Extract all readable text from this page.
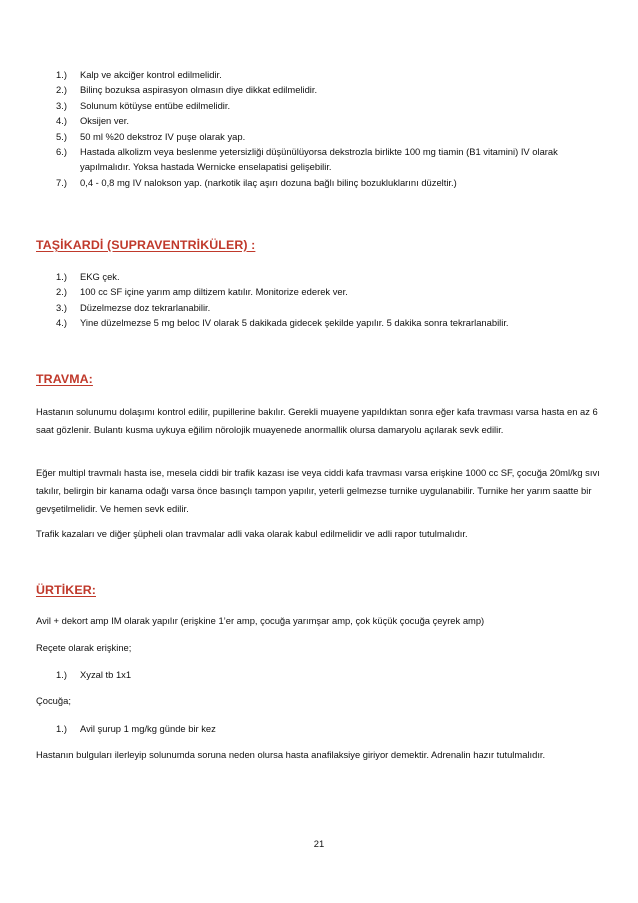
1.) Kalp ve akciğer kontrol edilmelidir.
2.) Bilinç bozuksa aspirasyon olmasın diye dikkat edilmelidir.
3.) Solunum kötüyse entübe edilmelidir.
4.) Oksijen ver.
5.) 50 ml %20 dekstroz IV puşe olarak yap.
6.) Hastada alkolizm veya beslenme yetersizliği düşünülüyorsa dekstrozla birlikte 100 mg tiamin (B1 vitamini) IV olarak yapılmalıdır. Yoksa hastada Wernicke enselapatisi gelişebilir.
7.) 0,4 - 0,8 mg IV nalokson yap. (narkotik ilaç aşırı dozuna bağlı bilinç bozukluklarını düzeltir.)
TAŞİKARDİ (SUPRAVENTRİKÜLER) :
1.) EKG çek.
2.) 100 cc SF içine yarım amp diltizem katılır. Monitorize ederek ver.
3.) Düzelmezse doz tekrarlanabilir.
4.) Yine düzelmezse 5 mg beloc IV olarak 5 dakikada gidecek şekilde yapılır. 5 dakika sonra tekrarlanabilir.
TRAVMA:

Hastanın solunumu dolaşımı kontrol edilir, pupillerine bakılır. Gerekli muayene yapıldıktan sonra eğer kafa travması varsa hasta en az 6 saat gözlenir. Bulantı kusma uykuya eğilim nörolojik muayenede anormallik olursa damaryolu açılarak sevk edilir.

Eğer multipl travmalı hasta ise, mesela ciddi bir trafik kazası ise veya ciddi kafa travması varsa erişkine 1000 cc SF, çocuğa 20ml/kg sıvı takılır, belirgin bir kanama odağı varsa önce basınçlı tampon yapılır, yeterli gelmezse turnike uygulanabilir. Turnike her yarım saatte bir gevşetilmelidir. Ve hemen sevk edilir.

Trafik kazaları ve diğer şüpheli olan travmalar adli vaka olarak kabul edilmelidir ve adli rapor tutulmalıdır.

ÜRTİKER:

Avil + dekort amp IM olarak yapılır (erişkine 1’er amp, çocuğa yarımşar amp, çok küçük çocuğa çeyrek amp)

Reçete olarak erişkine;

1.) Xyzal tb 1x1

Çocuğa;

1.) Avil şurup 1 mg/kg günde bir kez

Hastanın bulguları ilerleyip solunumda soruna neden olursa hasta anafilaksiye giriyor demektir. Adrenalin hazır tutulmalıdır.

21
